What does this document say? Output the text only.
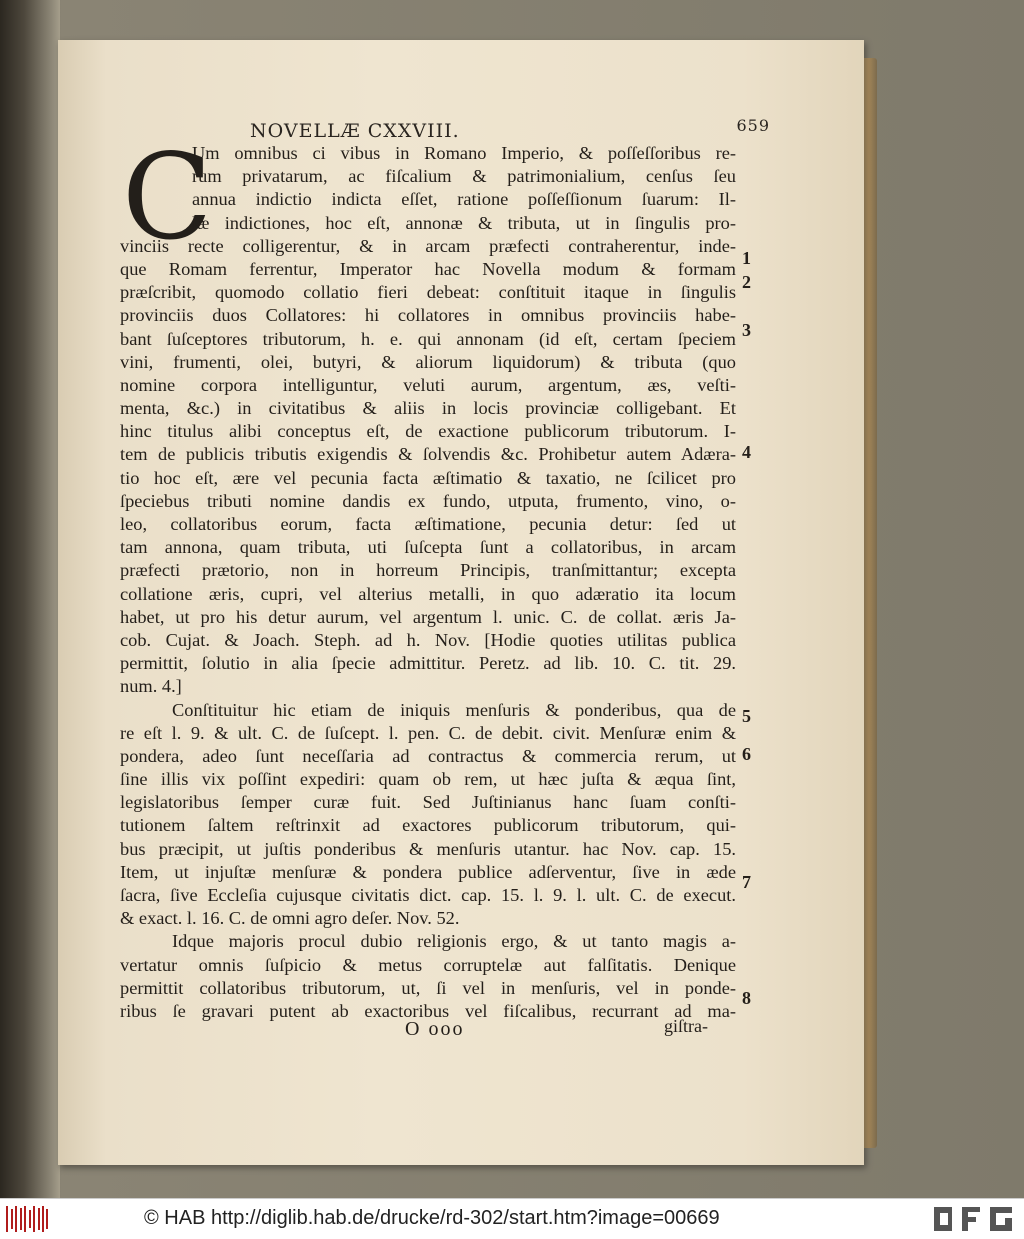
NOVELLÆ CXXVIII.	659
C
Um omnibus ci vibus in Romano Imperio, & poſſeſſoribus re-
rum privatarum, ac fiſcalium & patrimonialium, cenſus ſeu
annua indictio indicta eſſet, ratione poſſeſſionum ſuarum: Il-
læ indictiones, hoc eſt, annonæ & tributa, ut in ſingulis pro-
vinciis recte colligerentur, & in arcam præfecti contraherentur, inde-
que Romam ferrentur, Imperator hac Novella modum & formam
præſcribit, quomodo collatio fieri debeat: conſtituit itaque in ſingulis
provinciis duos Collatores: hi collatores in omnibus provinciis habe-
bant ſuſceptores tributorum, h. e. qui annonam (id eſt, certam ſpeciem
vini, frumenti, olei, butyri, & aliorum liquidorum) & tributa (quo
nomine corpora intelliguntur, veluti aurum, argentum, æs, veſti-
menta, &c.) in civitatibus & aliis in locis provinciæ colligebant. Et
hinc titulus alibi conceptus eſt, de exactione publicorum tributorum. I-
tem de publicis tributis exigendis & ſolvendis &c. Prohibetur autem Adæra-
tio hoc eſt, ære vel pecunia facta æſtimatio & taxatio, ne ſcilicet pro
ſpeciebus tributi nomine dandis ex fundo, utputa, frumento, vino, o-
leo, collatoribus eorum, facta æſtimatione, pecunia detur: ſed ut
tam annona, quam tributa, uti ſuſcepta ſunt a collatoribus, in arcam
præfecti prætorio, non in horreum Principis, tranſmittantur; excepta
collatione æris, cupri, vel alterius metalli, in quo adæratio ita locum
habet, ut pro his detur aurum, vel argentum l. unic. C. de collat. æris Ja-
cob. Cujat. & Joach. Steph. ad h. Nov. [Hodie quoties utilitas publica
permittit, ſolutio in alia ſpecie admittitur. Peretz. ad lib. 10. C. tit. 29.
num. 4.]
Conſtituitur hic etiam de iniquis menſuris & ponderibus, qua de
re eſt l. 9. & ult. C. de ſuſcept. l. pen. C. de debit. civit. Menſuræ enim &
pondera, adeo ſunt neceſſaria ad contractus & commercia rerum, ut
ſine illis vix poſſint expediri: quam ob rem, ut hæc juſta & æqua ſint,
legislatoribus ſemper curæ fuit. Sed Juſtinianus hanc ſuam conſti-
tutionem ſaltem reſtrinxit ad exactores publicorum tributorum, qui-
bus præcipit, ut juſtis ponderibus & menſuris utantur. hac Nov. cap. 15.
Item, ut injuſtæ menſuræ & pondera publice adſerventur, ſive in æde
ſacra, ſive Eccleſia cujusque civitatis dict. cap. 15. l. 9. l. ult. C. de execut.
& exact. l. 16. C. de omni agro deſer. Nov. 52.
Idque majoris procul dubio religionis ergo, & ut tanto magis a-
vertatur omnis ſuſpicio & metus corruptelæ aut falſitatis. Denique
permittit collatoribus tributorum, ut, ſi vel in menſuris, vel in ponde-
ribus ſe gravari putent ab exactoribus vel fiſcalibus, recurrant ad ma-
1
2
3
4
5
6
7
8
O ooo	giſtra-
© HAB http://diglib.hab.de/drucke/rd-302/start.htm?image=00669
